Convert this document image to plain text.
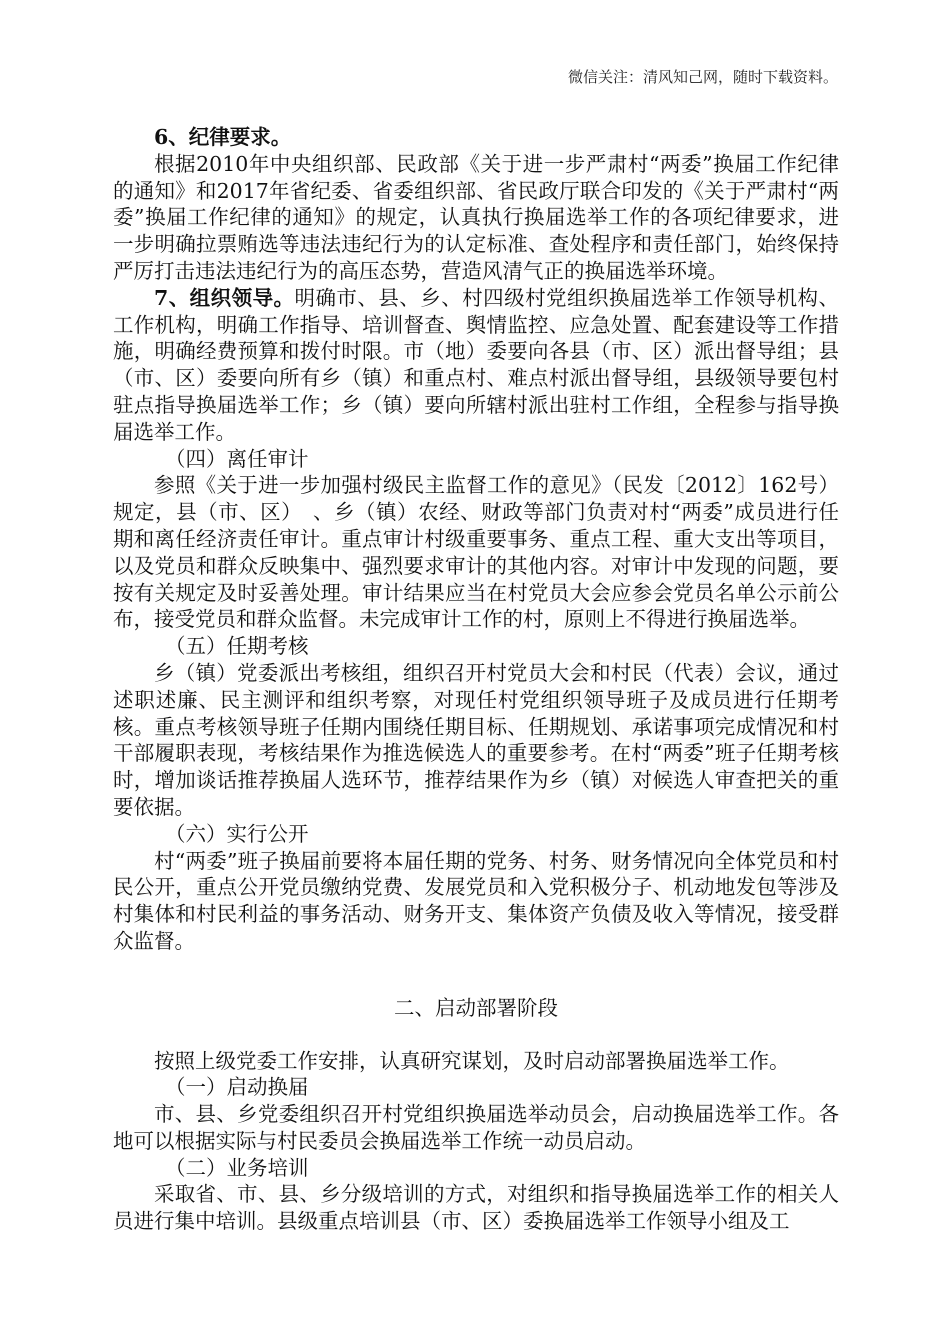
微信关注：清风知己网，随时下载资料。

6、纪律要求。

根据2010年中央组织部、民政部《关于进一步严肃村“两委”换届工作纪律的通知》和2017年省纪委、省委组织部、省民政厅联合印发的《关于严肃村“两委”换届工作纪律的通知》的规定，认真执行换届选举工作的各项纪律要求，进一步明确拉票贿选等违法违纪行为的认定标准、查处程序和责任部门，始终保持严厉打击违法违纪行为的高压态势，营造风清气正的换届选举环境。

7、组织领导。明确市、县、乡、村四级村党组织换届选举工作领导机构、工作机构，明确工作指导、培训督查、舆情监控、应急处置、配套建设等工作措施，明确经费预算和拨付时限。市（地）委要向各县（市、区）派出督导组；县（市、区）委要向所有乡（镇）和重点村、难点村派出督导组，县级领导要包村驻点指导换届选举工作；乡（镇）要向所辖村派出驻村工作组，全程参与指导换届选举工作。

（四）离任审计

参照《关于进一步加强村级民主监督工作的意见》（民发〔2012〕162号）规定，县（市、区）　、乡（镇）农经、财政等部门负责对村“两委”成员进行任期和离任经济责任审计。重点审计村级重要事务、重点工程、重大支出等项目，以及党员和群众反映集中、强烈要求审计的其他内容。对审计中发现的问题，要按有关规定及时妥善处理。审计结果应当在村党员大会应参会党员名单公示前公布，接受党员和群众监督。未完成审计工作的村，原则上不得进行换届选举。

（五）任期考核

乡（镇）党委派出考核组，组织召开村党员大会和村民（代表）会议，通过述职述廉、民主测评和组织考察，对现任村党组织领导班子及成员进行任期考核。重点考核领导班子任期内围绕任期目标、任期规划、承诺事项完成情况和村干部履职表现，考核结果作为推选候选人的重要参考。在村“两委”班子任期考核时，增加谈话推荐换届人选环节，推荐结果作为乡（镇）对候选人审查把关的重要依据。

（六）实行公开

村“两委”班子换届前要将本届任期的党务、村务、财务情况向全体党员和村民公开，重点公开党员缴纳党费、发展党员和入党积极分子、机动地发包等涉及村集体和村民利益的事务活动、财务开支、集体资产负债及收入等情况，接受群众监督。

二、启动部署阶段

按照上级党委工作安排，认真研究谋划，及时启动部署换届选举工作。

（一）启动换届

市、县、乡党委组织召开村党组织换届选举动员会，启动换届选举工作。各地可以根据实际与村民委员会换届选举工作统一动员启动。

（二）业务培训

采取省、市、县、乡分级培训的方式，对组织和指导换届选举工作的相关人员进行集中培训。县级重点培训县（市、区）委换届选举工作领导小组及工
